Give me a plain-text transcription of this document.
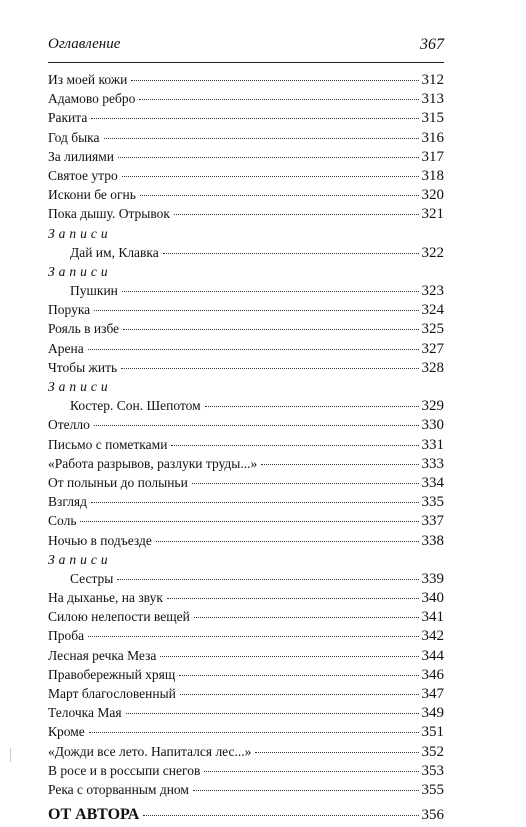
Оглавление	367
Из моей кожи	312
Адамово ребро	313
Ракита	315
Год быка	316
За лилиями	317
Святое утро	318
Искони бе огнь	320
Пока дышу. Отрывок	321
Записи
Дай им, Клавка	322
Записи
Пушкин	323
Порука	324
Рояль в избе	325
Арена	327
Чтобы жить	328
Записи
Костер. Сон. Шепотом	329
Отелло	330
Письмо с пометками	331
«Работа разрывов, разлуки труды...»	333
От полыньи до полыньи	334
Взгляд	335
Соль	337
Ночью в подъезде	338
Записи
Сестры	339
На дыханье, на звук	340
Силою нелепости вещей	341
Проба	342
Лесная речка Меза	344
Правобережный хрящ	346
Март благословенный	347
Телочка Мая	349
Кроме	351
«Дожди все лето. Напитался лес...»	352
В росе и в россыпи снегов	353
Река с оторванным дном	355
ОТ АВТОРА	356
